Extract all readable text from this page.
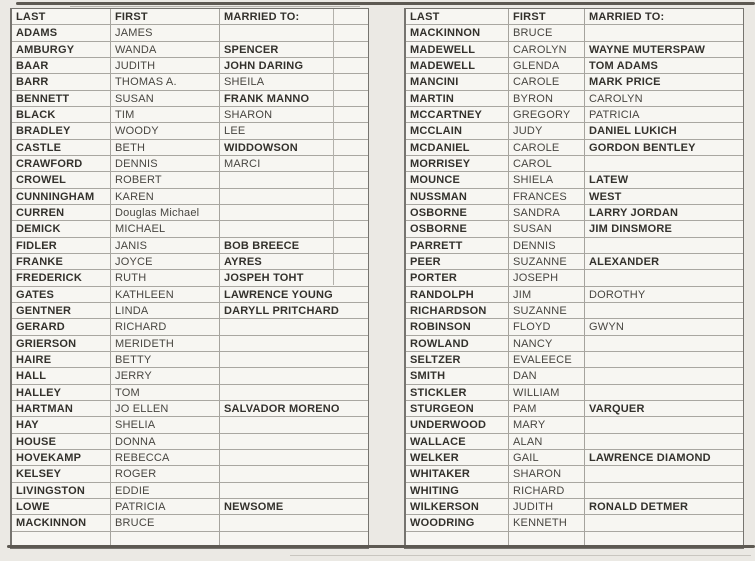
LAST	FIRST	MARRIED TO:
ADAMS	JAMES
AMBURGY	WANDA	SPENCER
BAAR	JUDITH	JOHN DARING
BARR	THOMAS A.	SHEILA
BENNETT	SUSAN	FRANK MANNO
BLACK	TIM	SHARON
BRADLEY	WOODY	LEE
CASTLE	BETH	WIDDOWSON
CRAWFORD	DENNIS	MARCI
CROWEL	ROBERT
CUNNINGHAM	KAREN
CURREN	Douglas Michael
DEMICK	MICHAEL
FIDLER	JANIS	BOB BREECE
FRANKE	JOYCE	AYRES
FREDERICK	RUTH	JOSPEH TOHT
GATES	KATHLEEN	LAWRENCE YOUNG
GENTNER	LINDA	DARYLL PRITCHARD
GERARD	RICHARD
GRIERSON	MERIDETH
HAIRE	BETTY
HALL	JERRY
HALLEY	TOM
HARTMAN	JO ELLEN	SALVADOR MORENO
HAY	SHELIA
HOUSE	DONNA
HOVEKAMP	REBECCA
KELSEY	ROGER
LIVINGSTON	EDDIE
LOWE	PATRICIA	NEWSOME
MACKINNON	BRUCE
LAST	FIRST	MARRIED TO:
MACKINNON	BRUCE
MADEWELL	CAROLYN	WAYNE MUTERSPAW
MADEWELL	GLENDA	TOM ADAMS
MANCINI	CAROLE	MARK PRICE
MARTIN	BYRON	CAROLYN
MCCARTNEY	GREGORY	PATRICIA
MCCLAIN	JUDY	DANIEL LUKICH
MCDANIEL	CAROLE	GORDON BENTLEY
MORRISEY	CAROL
MOUNCE	SHIELA	LATEW
NUSSMAN	FRANCES	WEST
OSBORNE	SANDRA	LARRY JORDAN
OSBORNE	SUSAN	JIM DINSMORE
PARRETT	DENNIS
PEER	SUZANNE	ALEXANDER
PORTER	JOSEPH
RANDOLPH	JIM	DOROTHY
RICHARDSON	SUZANNE
ROBINSON	FLOYD	GWYN
ROWLAND	NANCY
SELTZER	EVALEECE
SMITH	DAN
STICKLER	WILLIAM
STURGEON	PAM	VARQUER
UNDERWOOD	MARY
WALLACE	ALAN
WELKER	GAIL	LAWRENCE DIAMOND
WHITAKER	SHARON
WHITING	RICHARD
WILKERSON	JUDITH	RONALD DETMER
WOODRING	KENNETH
